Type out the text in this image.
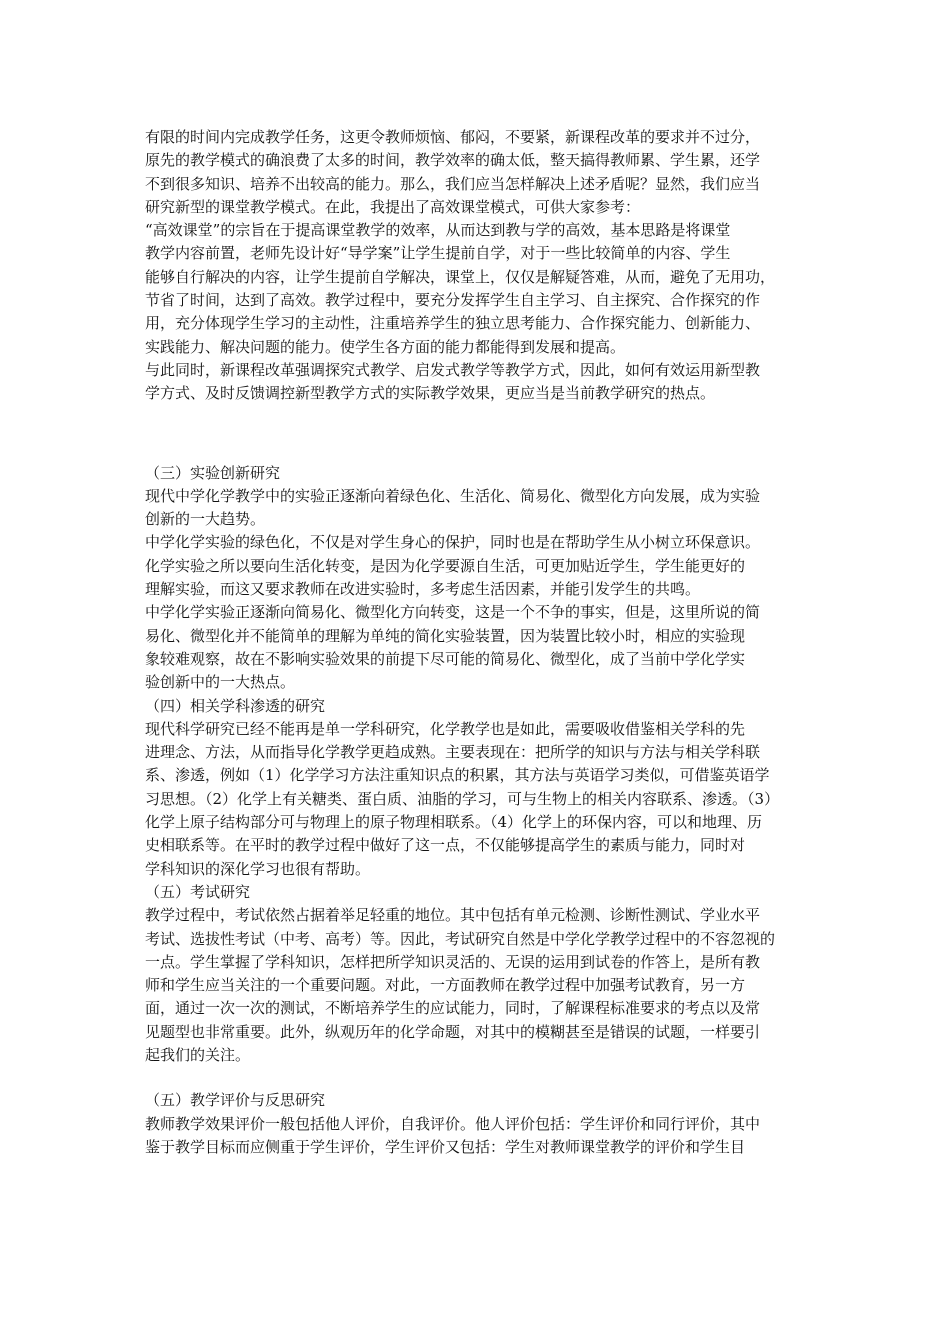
有限的时间内完成教学任务，这更令教师烦恼、郁闷，不要紧，新课程改革的要求并不过分，
原先的教学模式的确浪费了太多的时间，教学效率的确太低，整天搞得教师累、学生累，还学
不到很多知识、培养不出较高的能力。那么，我们应当怎样解决上述矛盾呢？显然，我们应当
研究新型的课堂教学模式。在此，我提出了高效课堂模式，可供大家参考：
“高效课堂”的宗旨在于提高课堂教学的效率，从而达到教与学的高效，基本思路是将课堂
教学内容前置，老师先设计好“导学案”让学生提前自学，对于一些比较简单的内容、学生
能够自行解决的内容，让学生提前自学解决，课堂上，仅仅是解疑答难，从而，避免了无用功，
节省了时间，达到了高效。教学过程中，要充分发挥学生自主学习、自主探究、合作探究的作
用，充分体现学生学习的主动性，注重培养学生的独立思考能力、合作探究能力、创新能力、
实践能力、解决问题的能力。使学生各方面的能力都能得到发展和提高。
与此同时，新课程改革强调探究式教学、启发式教学等教学方式，因此，如何有效运用新型教
学方式、及时反馈调控新型教学方式的实际教学效果，更应当是当前教学研究的热点。
（三）实验创新研究
现代中学化学教学中的实验正逐渐向着绿色化、生活化、简易化、微型化方向发展，成为实验
创新的一大趋势。
中学化学实验的绿色化，不仅是对学生身心的保护，同时也是在帮助学生从小树立环保意识。
化学实验之所以要向生活化转变，是因为化学要源自生活，可更加贴近学生，学生能更好的
理解实验，而这又要求教师在改进实验时，多考虑生活因素，并能引发学生的共鸣。
中学化学实验正逐渐向简易化、微型化方向转变，这是一个不争的事实，但是，这里所说的简
易化、微型化并不能简单的理解为单纯的简化实验装置，因为装置比较小时，相应的实验现
象较难观察，故在不影响实验效果的前提下尽可能的简易化、微型化，成了当前中学化学实
验创新中的一大热点。
（四）相关学科渗透的研究
现代科学研究已经不能再是单一学科研究，化学教学也是如此，需要吸收借鉴相关学科的先
进理念、方法，从而指导化学教学更趋成熟。主要表现在：把所学的知识与方法与相关学科联
系、渗透，例如（1）化学学习方法注重知识点的积累，其方法与英语学习类似，可借鉴英语学
习思想。（2）化学上有关糖类、蛋白质、油脂的学习，可与生物上的相关内容联系、渗透。（3）
化学上原子结构部分可与物理上的原子物理相联系。（4）化学上的环保内容，可以和地理、历
史相联系等。在平时的教学过程中做好了这一点，不仅能够提高学生的素质与能力，同时对
学科知识的深化学习也很有帮助。
（五）考试研究
教学过程中，考试依然占据着举足轻重的地位。其中包括有单元检测、诊断性测试、学业水平
考试、选拔性考试（中考、高考）等。因此，考试研究自然是中学化学教学过程中的不容忽视的
一点。学生掌握了学科知识，怎样把所学知识灵活的、无误的运用到试卷的作答上，是所有教
师和学生应当关注的一个重要问题。对此，一方面教师在教学过程中加强考试教育，另一方
面，通过一次一次的测试，不断培养学生的应试能力，同时，了解课程标准要求的考点以及常
见题型也非常重要。此外，纵观历年的化学命题，对其中的模糊甚至是错误的试题，一样要引
起我们的关注。
（五）教学评价与反思研究
教师教学效果评价一般包括他人评价，自我评价。他人评价包括：学生评价和同行评价，其中
鉴于教学目标而应侧重于学生评价，学生评价又包括：学生对教师课堂教学的评价和学生目
